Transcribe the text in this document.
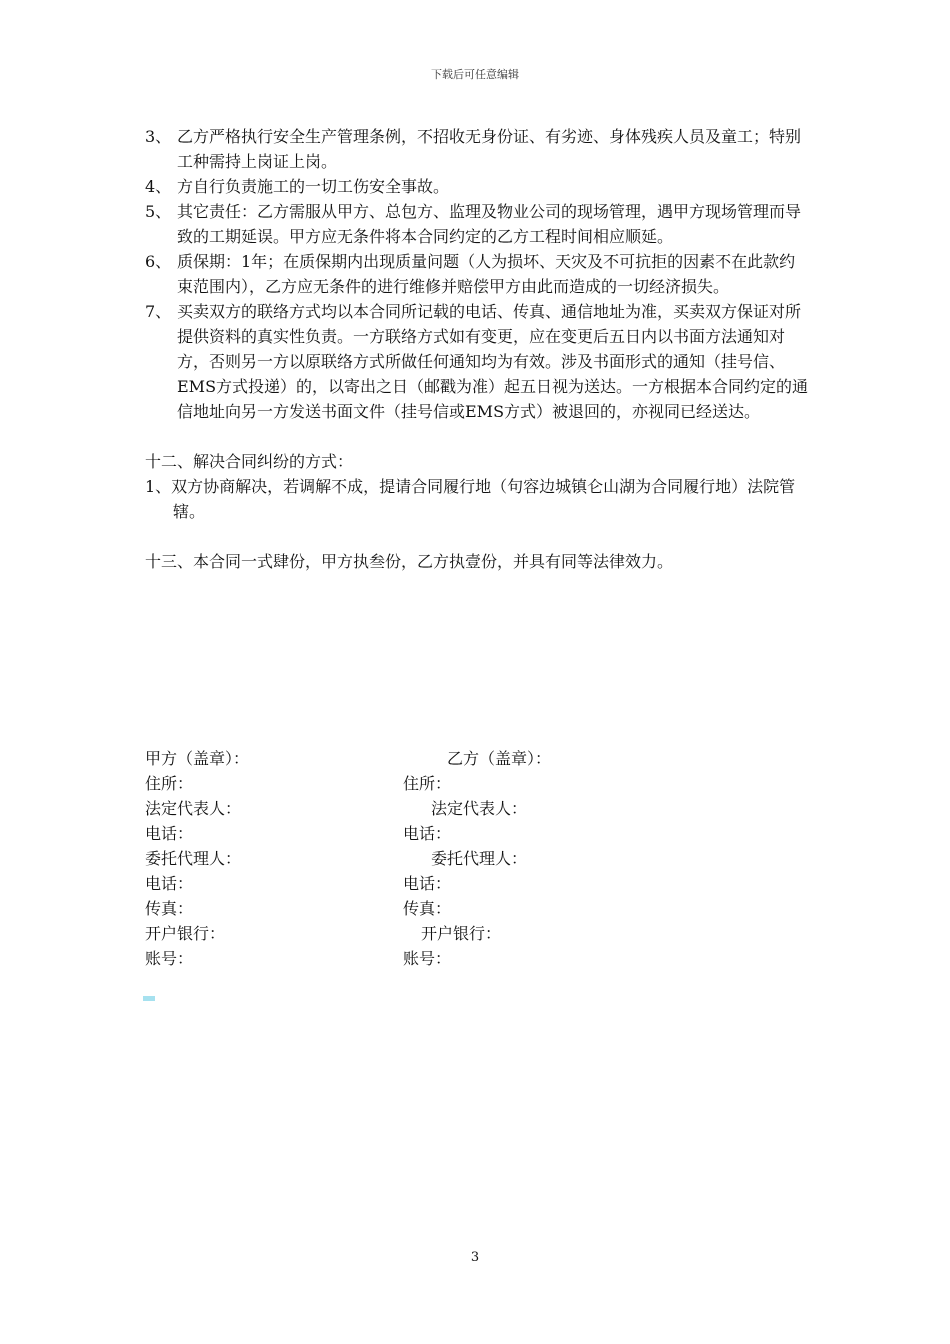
下载后可任意编辑
3、 乙方严格执行安全生产管理条例，不招收无身份证、有劣迹、身体残疾人员及童工；特别工种需持上岗证上岗。
4、 方自行负责施工的一切工伤安全事故。
5、 其它责任：乙方需服从甲方、总包方、监理及物业公司的现场管理，遇甲方现场管理而导致的工期延误。甲方应无条件将本合同约定的乙方工程时间相应顺延。
6、 质保期：1年；在质保期内出现质量问题（人为损坏、天灾及不可抗拒的因素不在此款约束范围内），乙方应无条件的进行维修并赔偿甲方由此而造成的一切经济损失。
7、 买卖双方的联络方式均以本合同所记载的电话、传真、通信地址为准，买卖双方保证对所提供资料的真实性负责。一方联络方式如有变更，应在变更后五日内以书面方法通知对方，否则另一方以原联络方式所做任何通知均为有效。涉及书面形式的通知（挂号信、EMS方式投递）的，以寄出之日（邮戳为准）起五日视为送达。一方根据本合同约定的通信地址向另一方发送书面文件（挂号信或EMS方式）被退回的，亦视同已经送达。
十二、解决合同纠纷的方式：
1、双方协商解决，若调解不成，提请合同履行地（句容边城镇仑山湖为合同履行地）法院管辖。
十三、本合同一式肆份，甲方执叁份，乙方执壹份，并具有同等法律效力。
甲方（盖章）：	乙方（盖章）：
住所：	住所：
法定代表人：	法定代表人：
电话：	电话：
委托代理人：	委托代理人：
电话：	电话：
传真：	传真：
开户银行：	开户银行：
账号：	账号：
3
